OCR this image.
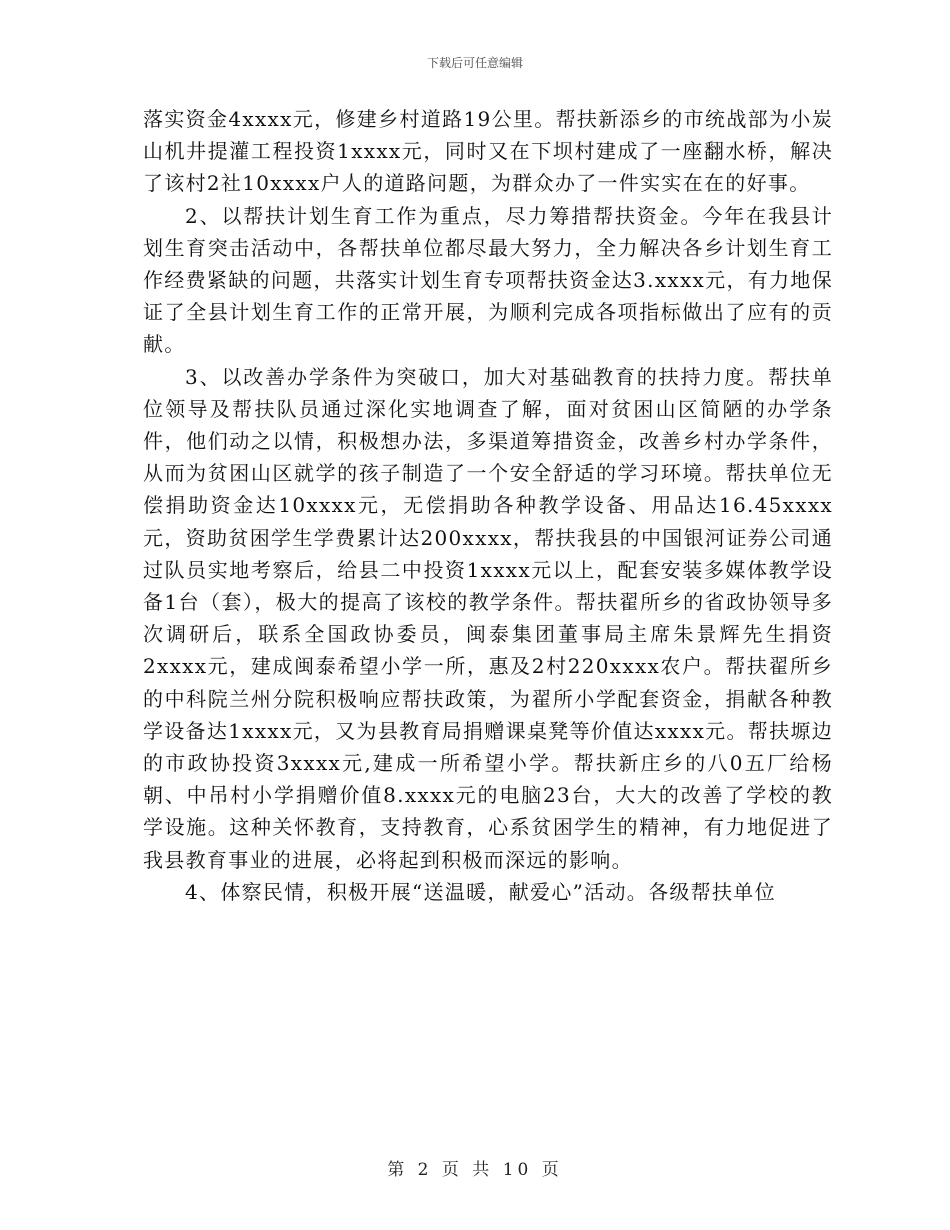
下载后可任意编辑

落实资金4xxxx元，修建乡村道路19公里。帮扶新添乡的市统战部为小炭山机井提灌工程投资1xxxx元，同时又在下坝村建成了一座翻水桥，解决了该村2社10xxxx户人的道路问题，为群众办了一件实实在在的好事。

2、以帮扶计划生育工作为重点，尽力筹措帮扶资金。今年在我县计划生育突击活动中，各帮扶单位都尽最大努力，全力解决各乡计划生育工作经费紧缺的问题，共落实计划生育专项帮扶资金达3.xxxx元，有力地保证了全县计划生育工作的正常开展，为顺利完成各项指标做出了应有的贡献。

3、以改善办学条件为突破口，加大对基础教育的扶持力度。帮扶单位领导及帮扶队员通过深化实地调查了解，面对贫困山区简陋的办学条件，他们动之以情，积极想办法，多渠道筹措资金，改善乡村办学条件，从而为贫困山区就学的孩子制造了一个安全舒适的学习环境。帮扶单位无偿捐助资金达10xxxx元，无偿捐助各种教学设备、用品达16.45xxxx元，资助贫困学生学费累计达200xxxx，帮扶我县的中国银河证券公司通过队员实地考察后，给县二中投资1xxxx元以上，配套安装多媒体教学设备1台（套），极大的提高了该校的教学条件。帮扶翟所乡的省政协领导多次调研后，联系全国政协委员，闽泰集团董事局主席朱景辉先生捐资2xxxx元，建成闽泰希望小学一所，惠及2村220xxxx农户。帮扶翟所乡的中科院兰州分院积极响应帮扶政策，为翟所小学配套资金，捐献各种教学设备达1xxxx元，又为县教育局捐赠课桌凳等价值达xxxx元。帮扶塬边的市政协投资3xxxx元,建成一所希望小学。帮扶新庄乡的八0五厂给杨朝、中吊村小学捐赠价值8.xxxx元的电脑23台，大大的改善了学校的教学设施。这种关怀教育，支持教育，心系贫困学生的精神，有力地促进了我县教育事业的进展，必将起到积极而深远的影响。

4、体察民情，积极开展“送温暖，献爱心”活动。各级帮扶单位

第 2 页 共 10 页
